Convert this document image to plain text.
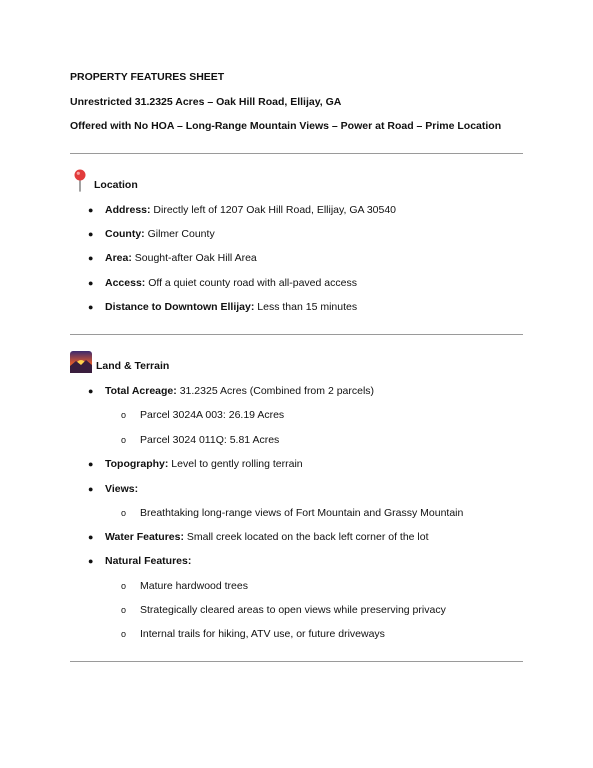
PROPERTY FEATURES SHEET
Unrestricted 31.2325 Acres – Oak Hill Road, Ellijay, GA
Offered with No HOA – Long-Range Mountain Views – Power at Road – Prime Location
Location
●	Address: Directly left of 1207 Oak Hill Road, Ellijay, GA 30540
●	County: Gilmer County
●	Area: Sought-after Oak Hill Area
●	Access: Off a quiet county road with all-paved access
●	Distance to Downtown Ellijay: Less than 15 minutes
Land & Terrain
●	Total Acreage: 31.2325 Acres (Combined from 2 parcels)
o	Parcel 3024A 003: 26.19 Acres
o	Parcel 3024 011Q: 5.81 Acres
●	Topography: Level to gently rolling terrain
●	Views:
o	Breathtaking long-range views of Fort Mountain and Grassy Mountain
●	Water Features: Small creek located on the back left corner of the lot
●	Natural Features:
o	Mature hardwood trees
o	Strategically cleared areas to open views while preserving privacy
o	Internal trails for hiking, ATV use, or future driveways
